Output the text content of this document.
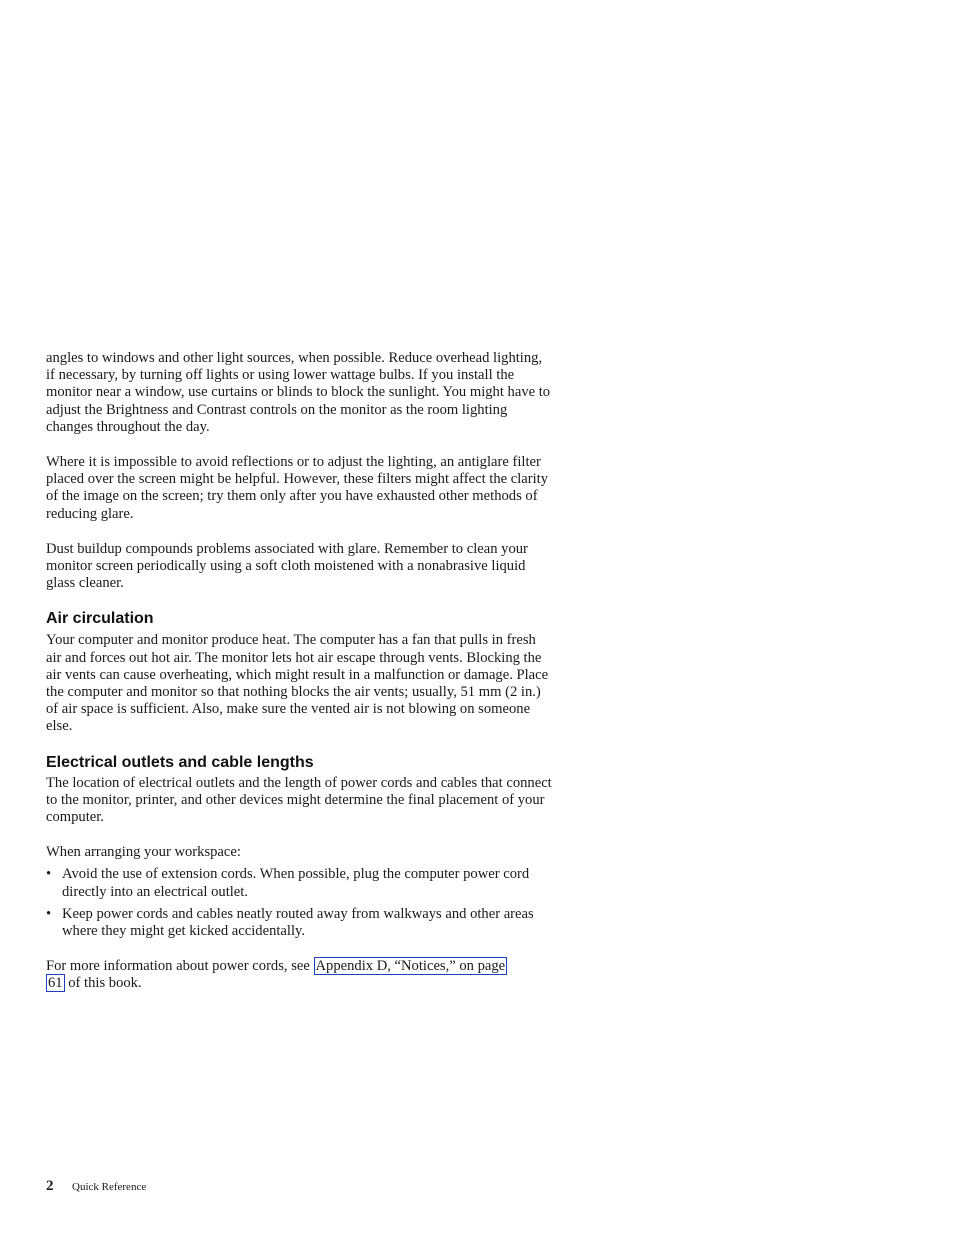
angles to windows and other light sources, when possible. Reduce overhead lighting, if necessary, by turning off lights or using lower wattage bulbs. If you install the monitor near a window, use curtains or blinds to block the sunlight. You might have to adjust the Brightness and Contrast controls on the monitor as the room lighting changes throughout the day.

Where it is impossible to avoid reflections or to adjust the lighting, an antiglare filter placed over the screen might be helpful. However, these filters might affect the clarity of the image on the screen; try them only after you have exhausted other methods of reducing glare.

Dust buildup compounds problems associated with glare. Remember to clean your monitor screen periodically using a soft cloth moistened with a nonabrasive liquid glass cleaner.

Air circulation

Your computer and monitor produce heat. The computer has a fan that pulls in fresh air and forces out hot air. The monitor lets hot air escape through vents. Blocking the air vents can cause overheating, which might result in a malfunction or damage. Place the computer and monitor so that nothing blocks the air vents; usually, 51 mm (2 in.) of air space is sufficient. Also, make sure the vented air is not blowing on someone else.

Electrical outlets and cable lengths

The location of electrical outlets and the length of power cords and cables that connect to the monitor, printer, and other devices might determine the final placement of your computer.

When arranging your workspace:

• Avoid the use of extension cords. When possible, plug the computer power cord directly into an electrical outlet.
• Keep power cords and cables neatly routed away from walkways and other areas where they might get kicked accidentally.

For more information about power cords, see Appendix D, “Notices,” on page
61 of this book.

2	Quick Reference
